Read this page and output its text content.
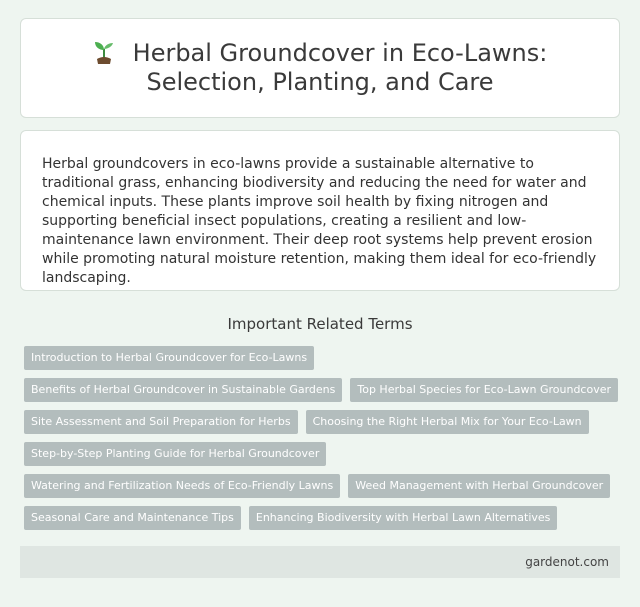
Herbal Groundcover in Eco-Lawns: Selection, Planting, and Care

Herbal groundcovers in eco-lawns provide a sustainable alternative to traditional grass, enhancing biodiversity and reducing the need for water and chemical inputs. These plants improve soil health by fixing nitrogen and supporting beneficial insect populations, creating a resilient and low-maintenance lawn environment. Their deep root systems help prevent erosion while promoting natural moisture retention, making them ideal for eco-friendly landscaping.

Important Related Terms
Introduction to Herbal Groundcover for Eco-Lawns
Benefits of Herbal Groundcover in Sustainable Gardens	Top Herbal Species for Eco-Lawn Groundcover
Site Assessment and Soil Preparation for Herbs	Choosing the Right Herbal Mix for Your Eco-Lawn
Step-by-Step Planting Guide for Herbal Groundcover
Watering and Fertilization Needs of Eco-Friendly Lawns	Weed Management with Herbal Groundcover
Seasonal Care and Maintenance Tips	Enhancing Biodiversity with Herbal Lawn Alternatives
gardenot.com
